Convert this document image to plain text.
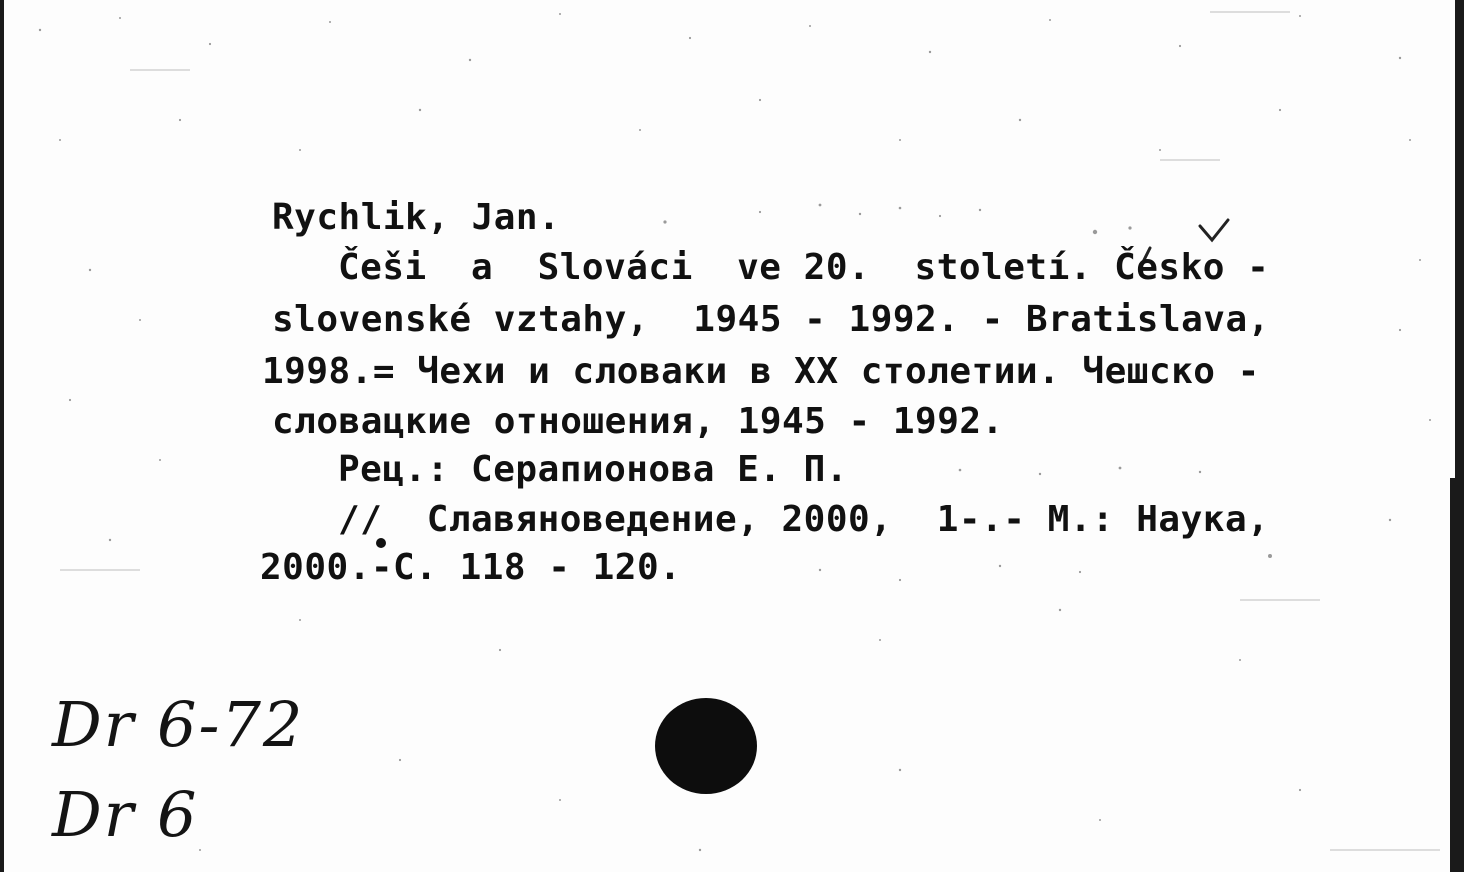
Rychlik, Jan.
Češi  a  Slováci  ve 20.  století. Česko -
slovenské vztahy,  1945 - 1992. - Bratislava,
1998.= Чехи и словаки в ХХ столетии. Чешско -
словацкие отношения, 1945 - 1992.
Рец.: Серапионова Е. П.
//  Славяноведение, 2000,  1-.- М.: Наука,
2000.-С. 118 - 120.
Dr 6-72
Dr 6
